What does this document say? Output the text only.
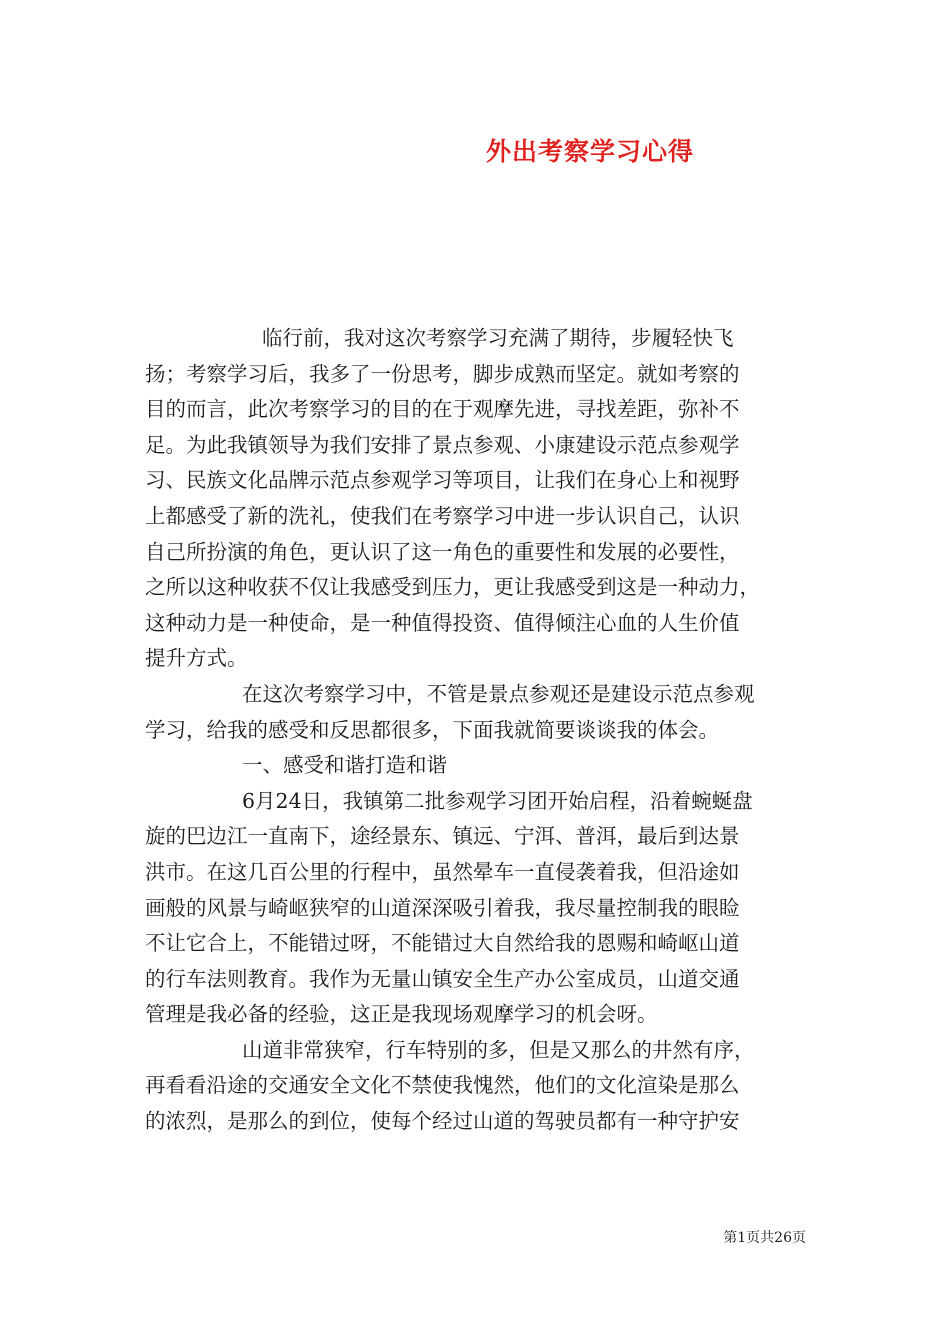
外出考察学习心得
临行前，我对这次考察学习充满了期待，步履轻快飞
扬；考察学习后，我多了一份思考，脚步成熟而坚定。就如考察的
目的而言，此次考察学习的目的在于观摩先进，寻找差距，弥补不
足。为此我镇领导为我们安排了景点参观、小康建设示范点参观学
习、民族文化品牌示范点参观学习等项目，让我们在身心上和视野
上都感受了新的洗礼，使我们在考察学习中进一步认识自己，认识
自己所扮演的角色，更认识了这一角色的重要性和发展的必要性，
之所以这种收获不仅让我感受到压力，更让我感受到这是一种动力，
这种动力是一种使命，是一种值得投资、值得倾注心血的人生价值
提升方式。
在这次考察学习中，不管是景点参观还是建设示范点参观
学习，给我的感受和反思都很多，下面我就简要谈谈我的体会。
一、感受和谐打造和谐
6月24日，我镇第二批参观学习团开始启程，沿着蜿蜒盘
旋的巴边江一直南下，途经景东、镇远、宁洱、普洱，最后到达景
洪市。在这几百公里的行程中，虽然晕车一直侵袭着我，但沿途如
画般的风景与崎岖狭窄的山道深深吸引着我，我尽量控制我的眼睑
不让它合上，不能错过呀，不能错过大自然给我的恩赐和崎岖山道
的行车法则教育。我作为无量山镇安全生产办公室成员，山道交通
管理是我必备的经验，这正是我现场观摩学习的机会呀。
山道非常狭窄，行车特别的多，但是又那么的井然有序，
再看看沿途的交通安全文化不禁使我愧然，他们的文化渲染是那么
的浓烈，是那么的到位，使每个经过山道的驾驶员都有一种守护安
第1页共26页
